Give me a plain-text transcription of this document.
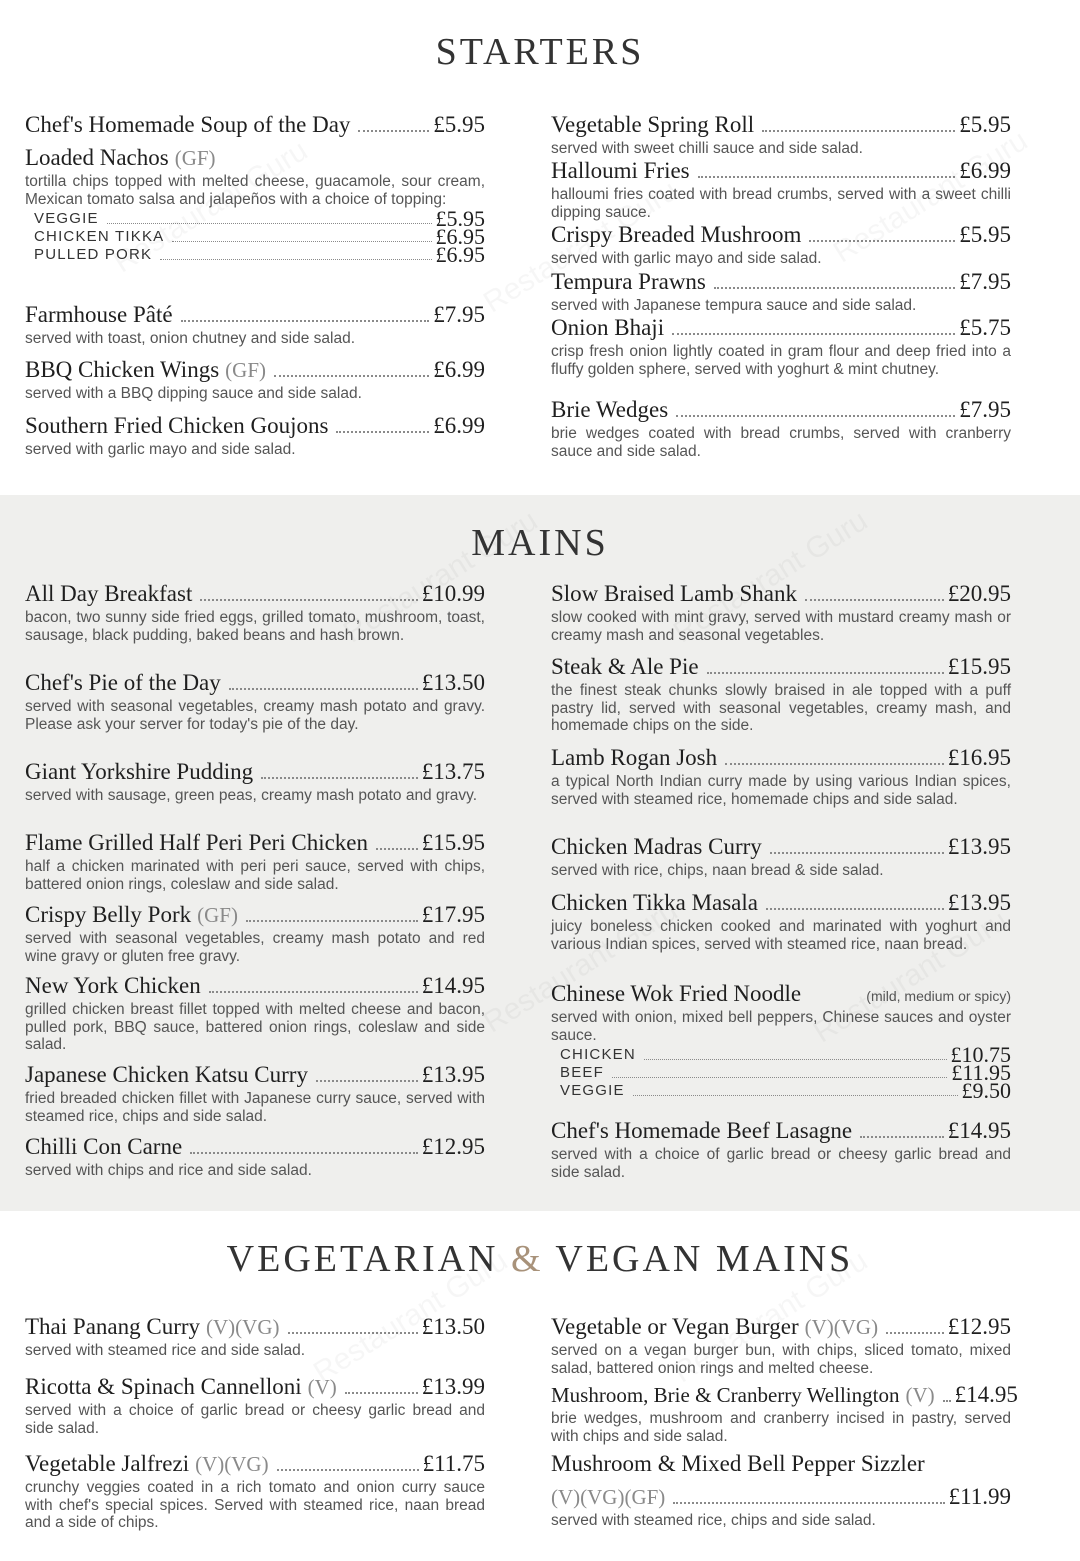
STARTERS
Chef's Homemade Soup of the Day	£5.95
Loaded Nachos (GF)
tortilla chips topped with melted cheese, guacamole, sour cream, Mexican tomato salsa and jalapeños with a choice of topping:
VEGGIE	£5.95
CHICKEN TIKKA	£6.95
PULLED PORK	£6.95
Farmhouse Pâté	£7.95
served with toast, onion chutney and side salad.
BBQ Chicken Wings (GF)	£6.99
served with a BBQ dipping sauce and side salad.
Southern Fried Chicken Goujons	£6.99
served with garlic mayo and side salad.
Vegetable Spring Roll	£5.95
served with sweet chilli sauce and side salad.
Halloumi Fries	£6.99
halloumi fries coated with bread crumbs, served with a sweet chilli dipping sauce.
Crispy Breaded Mushroom	£5.95
served with garlic mayo and side salad.
Tempura Prawns	£7.95
served with Japanese tempura sauce and side salad.
Onion Bhaji	£5.75
crisp fresh onion lightly coated in gram flour and deep fried into a fluffy golden sphere, served with yoghurt & mint chutney.
Brie Wedges	£7.95
brie wedges coated with bread crumbs, served with cranberry sauce and side salad.
MAINS
All Day Breakfast	£10.99
bacon, two sunny side fried eggs, grilled tomato, mushroom, toast, sausage, black pudding, baked beans and hash brown.
Chef's Pie of the Day	£13.50
served with seasonal vegetables, creamy mash potato and gravy. Please ask your server for today's pie of the day.
Giant Yorkshire Pudding	£13.75
served with sausage, green peas, creamy mash potato and gravy.
Flame Grilled Half Peri Peri Chicken £15.95
half a chicken marinated with peri peri sauce, served with chips, battered onion rings, coleslaw and side salad.
Crispy Belly Pork (GF)	£17.95
served with seasonal vegetables, creamy mash potato and red wine gravy or gluten free gravy.
New York Chicken	£14.95
grilled chicken breast fillet topped with melted cheese and bacon, pulled pork, BBQ sauce, battered onion rings, coleslaw and side salad.
Japanese Chicken Katsu Curry	£13.95
fried breaded chicken fillet with Japanese curry sauce, served with steamed rice, chips and side salad.
Chilli Con Carne	£12.95
served with chips and rice and side salad.
Slow Braised Lamb Shank	£20.95
slow cooked with mint gravy, served with mustard creamy mash or creamy mash and seasonal vegetables.
Steak & Ale Pie	£15.95
the finest steak chunks slowly braised in ale topped with a puff pastry lid, served with seasonal vegetables, creamy mash, and homemade chips on the side.
Lamb Rogan Josh	£16.95
a typical North Indian curry made by using various Indian spices, served with steamed rice, homemade chips and side salad.
Chicken Madras Curry	£13.95
served with rice, chips, naan bread & side salad.
Chicken Tikka Masala	£13.95
juicy boneless chicken cooked and marinated with yoghurt and various Indian spices, served with steamed rice, naan bread.
Chinese Wok Fried Noodle	(mild, medium or spicy)
served with onion, mixed bell peppers, Chinese sauces and oyster sauce.
CHICKEN	£10.75
BEEF	£11.95
VEGGIE	£9.50
Chef's Homemade Beef Lasagne	£14.95
served with a choice of garlic bread or cheesy garlic bread and side salad.
VEGETARIAN & VEGAN MAINS
Thai Panang Curry (V)(VG)	£13.50
served with steamed rice and side salad.
Ricotta & Spinach Cannelloni (V)	£13.99
served with a choice of garlic bread or cheesy garlic bread and side salad.
Vegetable Jalfrezi (V)(VG)	£11.75
crunchy veggies coated in a rich tomato and onion curry sauce with chef's special spices. Served with steamed rice, naan bread and a side of chips.
Vegetable or Vegan Burger (V)(VG)	£12.95
served on a vegan burger bun, with chips, sliced tomato, mixed salad, battered onion rings and melted cheese.
Mushroom, Brie & Cranberry Wellington (V) £14.95
brie wedges, mushroom and cranberry incised in pastry, served with chips and side salad.
Mushroom & Mixed Bell Pepper Sizzler
(V)(VG)(GF)	£11.99
served with steamed rice, chips and side salad.
